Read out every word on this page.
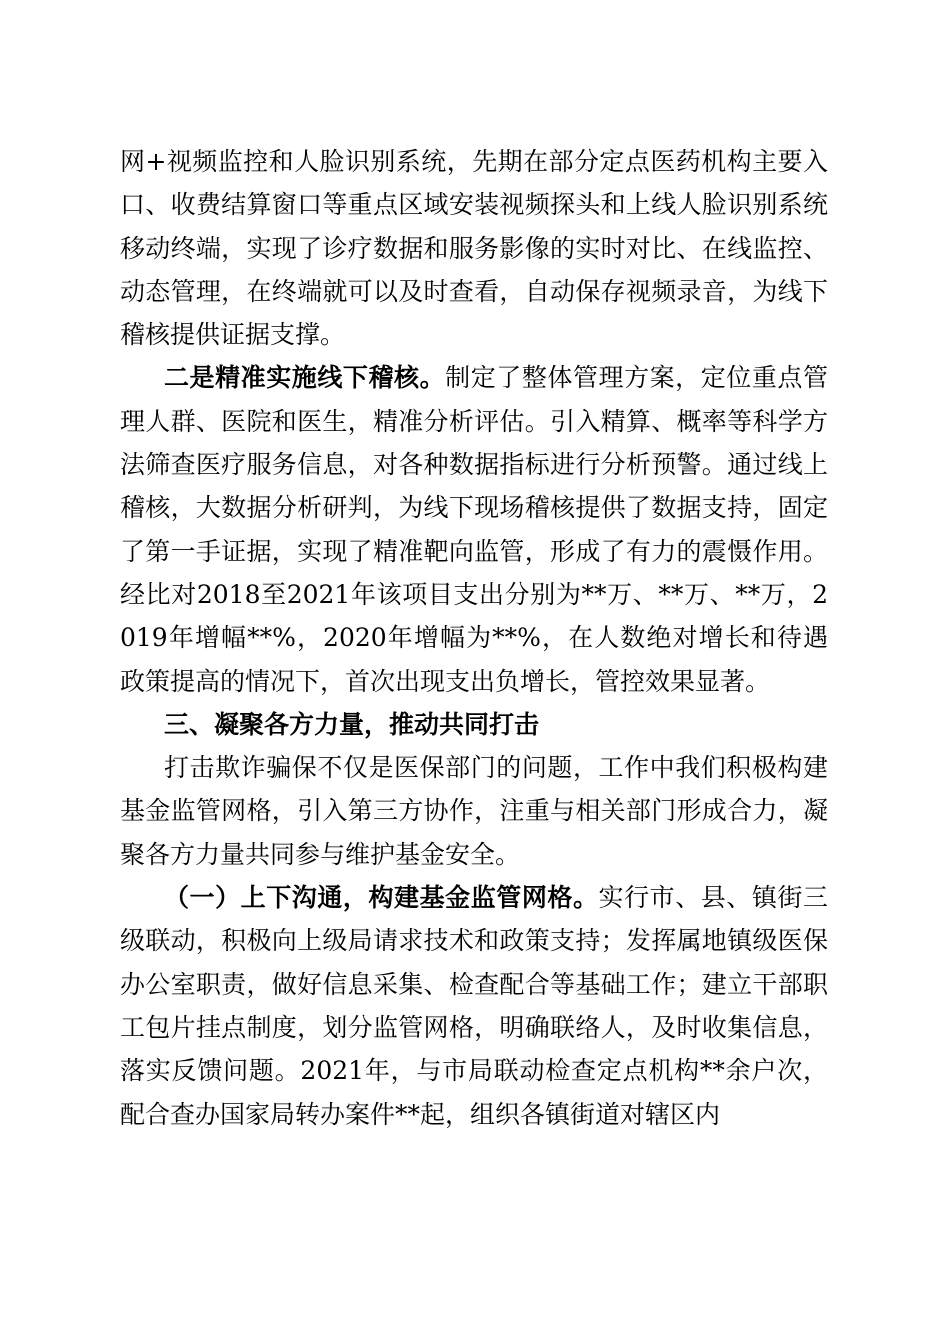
网+视频监控和人脸识别系统，先期在部分定点医药机构主要入口、收费结算窗口等重点区域安装视频探头和上线人脸识别系统移动终端，实现了诊疗数据和服务影像的实时对比、在线监控、动态管理，在终端就可以及时查看，自动保存视频录音，为线下稽核提供证据支撑。

二是精准实施线下稽核。制定了整体管理方案，定位重点管理人群、医院和医生，精准分析评估。引入精算、概率等科学方法筛查医疗服务信息，对各种数据指标进行分析预警。通过线上稽核，大数据分析研判，为线下现场稽核提供了数据支持，固定了第一手证据，实现了精准靶向监管，形成了有力的震慑作用。经比对2018至2021年该项目支出分别为**万、**万、**万，2019年增幅**%，2020年增幅为**%，在人数绝对增长和待遇政策提高的情况下，首次出现支出负增长，管控效果显著。

三、凝聚各方力量，推动共同打击

打击欺诈骗保不仅是医保部门的问题，工作中我们积极构建基金监管网格，引入第三方协作，注重与相关部门形成合力，凝聚各方力量共同参与维护基金安全。

（一）上下沟通，构建基金监管网格。实行市、县、镇街三级联动，积极向上级局请求技术和政策支持；发挥属地镇级医保办公室职责，做好信息采集、检查配合等基础工作；建立干部职工包片挂点制度，划分监管网格，明确联络人，及时收集信息，落实反馈问题。2021年，与市局联动检查定点机构**余户次，配合查办国家局转办案件**起，组织各镇街道对辖区内
